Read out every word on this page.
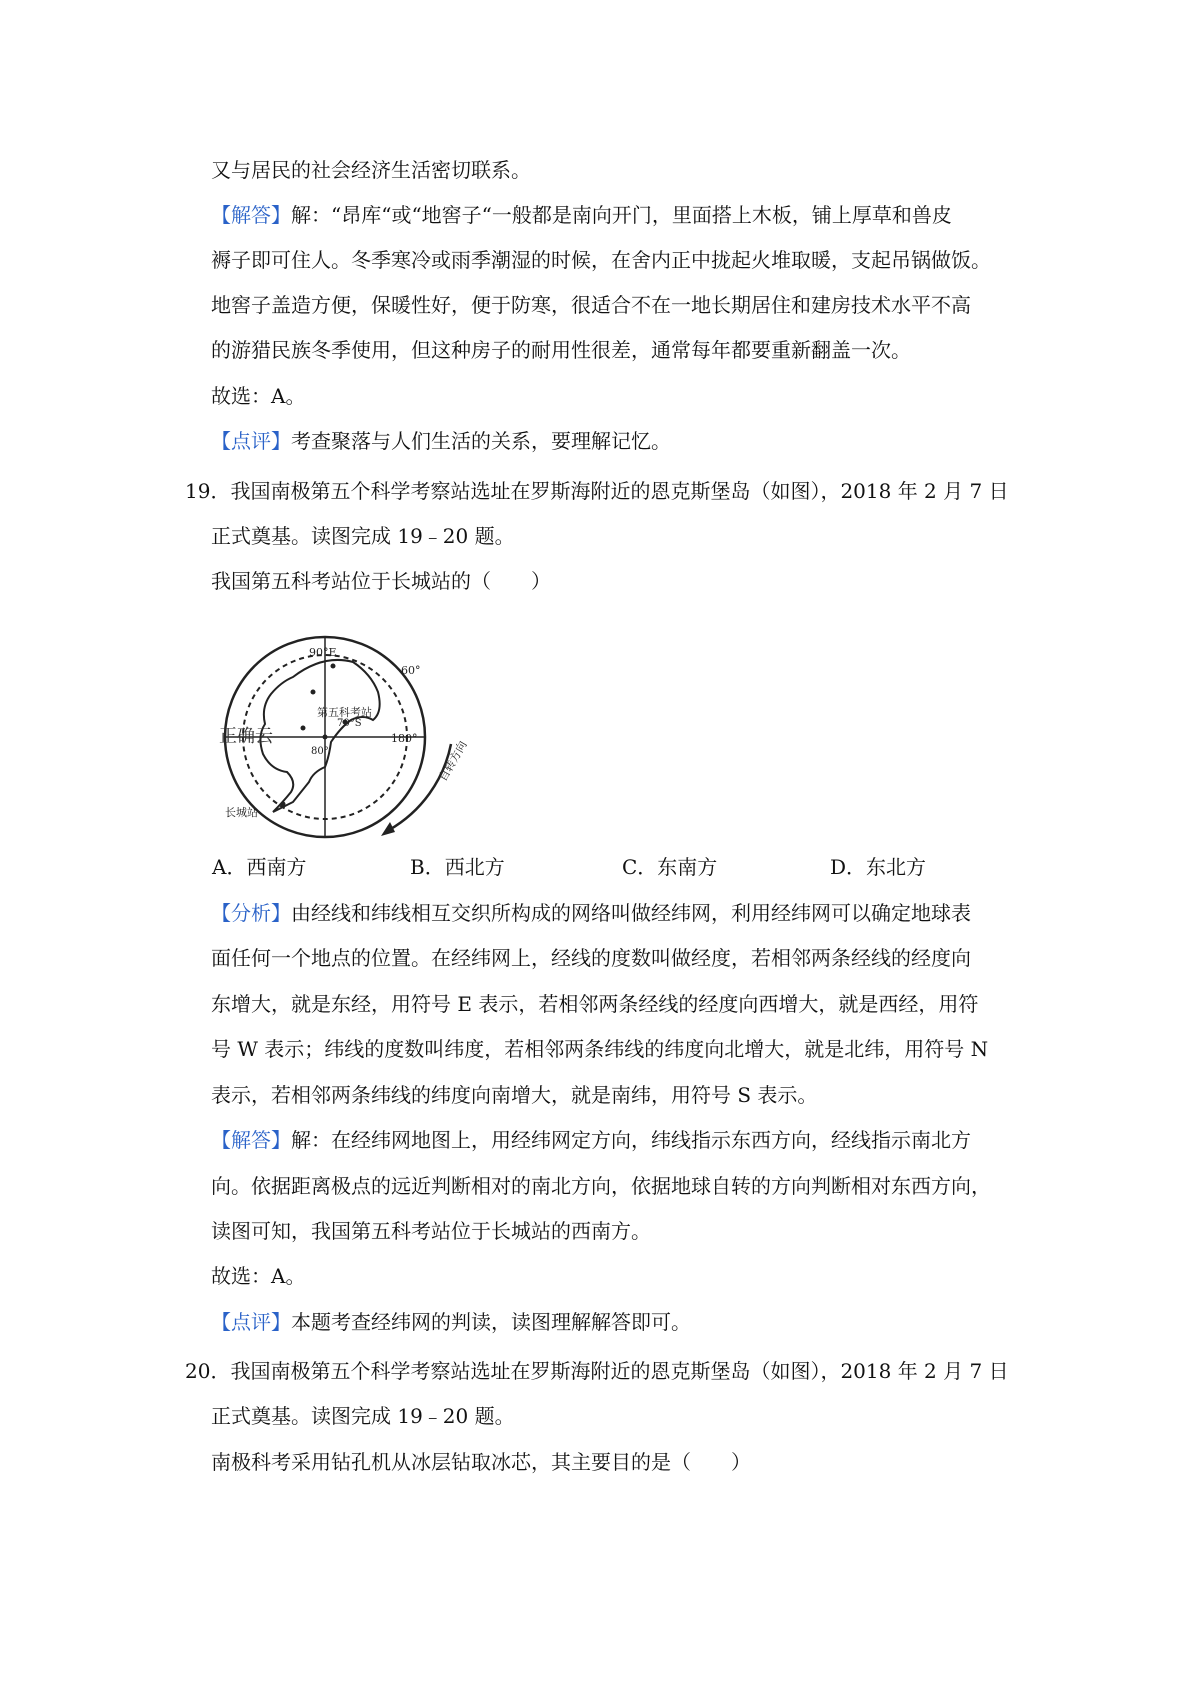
又与居民的社会经济生活密切联系。
【解答】解：“昂库“或“地窖子“一般都是南向开门，里面搭上木板，铺上厚草和兽皮
褥子即可住人。冬季寒冷或雨季潮湿的时候，在舍内正中拢起火堆取暖，支起吊锅做饭。
地窖子盖造方便，保暖性好，便于防寒，很适合不在一地长期居住和建房技术水平不高
的游猎民族冬季使用，但这种房子的耐用性很差，通常每年都要重新翻盖一次。
故选：A。
【点评】考查聚落与人们生活的关系，要理解记忆。
19．我国南极第五个科学考察站选址在罗斯海附近的恩克斯堡岛（如图），2018 年 2 月 7 日
正式奠基。读图完成 19﹣20 题。
我国第五科考站位于长城站的（　　）
90°E
60°
180°
80°
70°S
第五科考站
长城站
正确云
自转方向
A．西南方	B．西北方	C．东南方	D．东北方
【分析】由经线和纬线相互交织所构成的网络叫做经纬网，利用经纬网可以确定地球表
面任何一个地点的位置。在经纬网上，经线的度数叫做经度，若相邻两条经线的经度向
东增大，就是东经，用符号 E 表示，若相邻两条经线的经度向西增大，就是西经，用符
号 W 表示；纬线的度数叫纬度，若相邻两条纬线的纬度向北增大，就是北纬，用符号 N
表示，若相邻两条纬线的纬度向南增大，就是南纬，用符号 S 表示。
【解答】解：在经纬网地图上，用经纬网定方向，纬线指示东西方向，经线指示南北方
向。依据距离极点的远近判断相对的南北方向，依据地球自转的方向判断相对东西方向，
读图可知，我国第五科考站位于长城站的西南方。
故选：A。
【点评】本题考查经纬网的判读，读图理解解答即可。
20．我国南极第五个科学考察站选址在罗斯海附近的恩克斯堡岛（如图），2018 年 2 月 7 日
正式奠基。读图完成 19﹣20 题。
南极科考采用钻孔机从冰层钻取冰芯，其主要目的是（　　）
